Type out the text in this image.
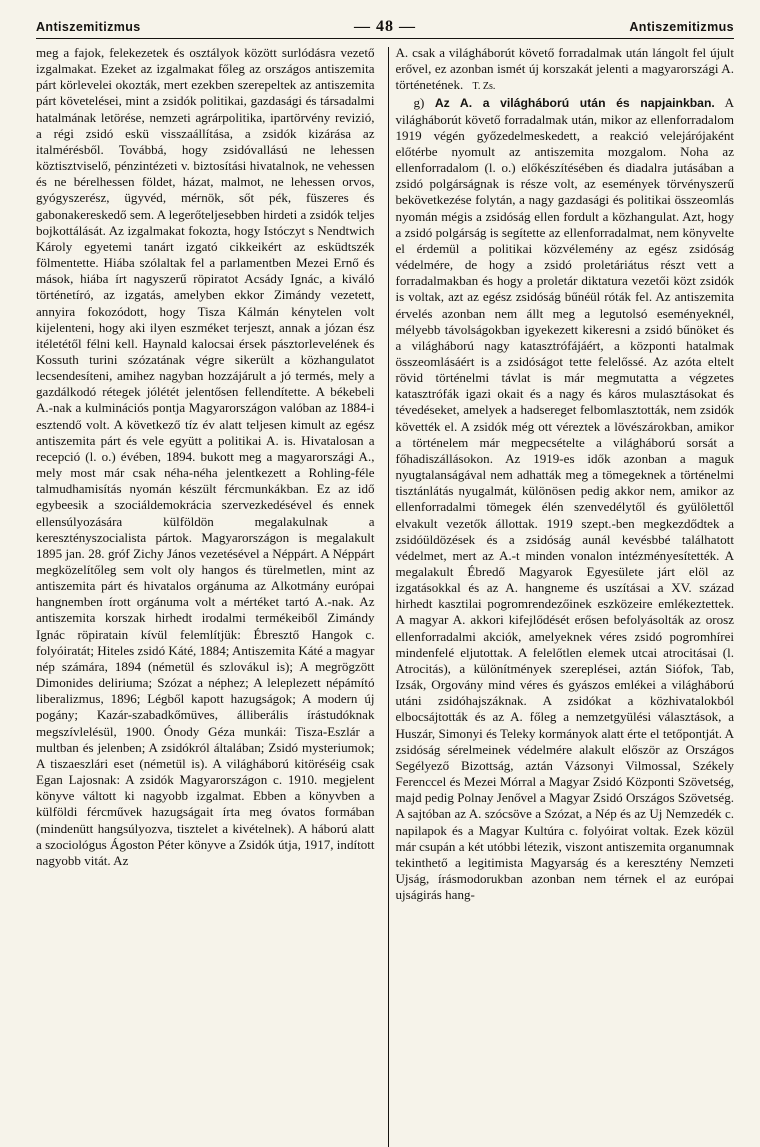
Antiszemitizmus	— 48 —	Antiszemitizmus

meg a fajok, felekezetek és osztályok között surlódásra vezető izgalmakat. Ezeket az izgalmakat főleg az országos antiszemita párt körlevelei okozták, mert ezekben szerepeltek az antiszemita párt követelései, mint a zsidók politikai, gazdasági és társadalmi hatalmának letörése, nemzeti agrárpolitika, ipartörvény revizió, a régi zsidó eskü visszaállítása, a zsidók kizárása az italmérésből. Továbbá, hogy zsidóvallású ne lehessen köztisztviselő, pénzintézeti v. biztosítási hivatalnok, ne vehessen és ne bérelhessen földet, házat, malmot, ne lehessen orvos, gyógyszerész, ügyvéd, mérnök, sőt pék, füszeres és gabonakereskedő sem. A legerőteljesebben hirdeti a zsidók teljes bojkottálását. Az izgalmakat fokozta, hogy Istóczyt s Nendtwich Károly egyetemi tanárt izgató cikkeikért az esküdtszék fölmentette. Hiába szólaltak fel a parlamentben Mezei Ernő és mások, hiába írt nagyszerű röpiratot Acsády Ignác, a kiváló történetíró, az izgatás, amelyben ekkor Zimándy vezetett, annyira fokozódott, hogy Tisza Kálmán kénytelen volt kijelenteni, hogy aki ilyen eszméket terjeszt, annak a józan ész itéletétől félni kell. Haynald kalocsai érsek pásztorlevelének és Kossuth turini szózatának végre sikerült a közhangulatot lecsendesíteni, amihez nagyban hozzájárult a jó termés, mely a gazdálkodó rétegek jólétét jelentősen fellendítette. A békebeli A.-nak a kulminációs pontja Magyarországon valóban az 1884-i esztendő volt. A következő tíz év alatt teljesen kimult az egész antiszemita párt és vele együtt a politikai A. is. Hivatalosan a recepció (l. o.) évében, 1894. bukott meg a magyarországi A., mely most már csak néha-néha jelentkezett a Rohling-féle talmudhamisítás nyomán készült fércmunkákban. Ez az idő egybeesik a szociáldemokrácia szervezkedésével és ennek ellensúlyozására külföldön megalakulnak a keresztényszocialista pártok. Magyarországon is megalakult 1895 jan. 28. gróf Zichy János vezetésével a Néppárt. A Néppárt megközelítőleg sem volt oly hangos és türelmetlen, mint az antiszemita párt és hivatalos orgánuma az Alkotmány európai hangnemben írott orgánuma volt a mértéket tartó A.-nak. Az antiszemita korszak hirhedt irodalmi termékeiből Zimándy Ignác röpiratain kívül felemlítjük: Ébresztő Hangok c. folyóiratát; Hiteles zsidó Káté, 1884; Antiszemita Káté a magyar nép számára, 1894 (németül és szlovákul is); A megrögzött Dimonides deliriuma; Szózat a néphez; A leleplezett népámító liberalizmus, 1896; Légből kapott hazugságok; A modern új pogány; Kazár-szabadkőmüves, álliberális írástudóknak megszívlelésül, 1900. Ónody Géza munkái: Tisza-Eszlár a multban és jelenben; A zsidókról általában; Zsidó mysteriumok; A tiszaeszlári eset (németül is). A világháború kitöréséig csak Egan Lajosnak: A zsidók Magyarországon c. 1910. megjelent könyve váltott ki nagyobb izgalmat. Ebben a könyvben a külföldi fércművek hazugságait írta meg óvatos formában (mindenütt hangsúlyozva, tisztelet a kivételnek). A háború alatt a szociológus Ágoston Péter könyve a Zsidók útja, 1917, indított nagyobb vitát. Az

A. csak a világháborút követő forradalmak után lángolt fel újult erővel, ez azonban ismét új korszakát jelenti a magyarországi A. történetének. T. Zs.

g) Az A. a világháború után és napjainkban. A világháborút követő forradalmak után, mikor az ellenforradalom 1919 végén győzedelmeskedett, a reakció velejárójaként előtérbe nyomult az antiszemita mozgalom. Noha az ellenforradalom (l. o.) előkészítésében és diadalra jutásában a zsidó polgárságnak is része volt, az események törvényszerű bekövetkezése folytán, a nagy gazdasági és politikai összeomlás nyomán mégis a zsidóság ellen fordult a közhangulat. Azt, hogy a zsidó polgárság is segítette az ellenforradalmat, nem könyvelte el érdemül a politikai közvélemény az egész zsidóság védelmére, de hogy a zsidó proletáriátus részt vett a forradalmakban és hogy a proletár diktatura vezetői közt zsidók is voltak, azt az egész zsidóság bűnéül róták fel. Az antiszemita érvelés azonban nem állt meg a legutolsó eseményeknél, mélyebb távolságokban igyekezett kikeresni a zsidó bűnöket és a világháború nagy katasztrófájáért, a központi hatalmak összeomlásáért is a zsidóságot tette felelőssé. Az azóta eltelt rövid történelmi távlat is már megmutatta a végzetes katasztrófák igazi okait és a nagy és káros mulasztásokat és tévedéseket, amelyek a hadsereget felbomlasztották, nem zsidók követték el. A zsidók még ott véreztek a lövészárokban, amikor a történelem már megpecsételte a világháború sorsát a főhadiszállásokon. Az 1919-es idők azonban a maguk nyugtalanságával nem adhatták meg a tömegeknek a történelmi tisztánlátás nyugalmát, különösen pedig akkor nem, amikor az ellenforradalmi tömegek élén szenvedélytől és gyülölettől elvakult vezetők állottak. 1919 szept.-ben megkezdődtek a zsidóüldözések és a zsidóság aunál kevésbbé találhatott védelmet, mert az A.-t minden vonalon intézményesítették. A megalakult Ébredő Magyarok Egyesülete járt elöl az izgatásokkal és az A. hangneme és uszításai a XV. század hirhedt kasztilai pogromrendezőinek eszközeire emlékeztettek. A magyar A. akkori kifejlődését erősen befolyásolták az orosz ellenforradalmi akciók, amelyeknek véres zsidó pogromhírei mindenfelé eljutottak. A felelőtlen elemek utcai atrocitásai (l. Atrocitás), a különítmények szereplései, aztán Siófok, Tab, Izsák, Orgovány mind véres és gyászos emlékei a világháború utáni zsidóhajszáknak. A zsidókat a közhivatalokból elbocsájtották és az A. főleg a nemzetgyülési választások, a Huszár, Simonyi és Teleky kormányok alatt érte el tetőpontját. A zsidóság sérelmeinek védelmére alakult először az Országos Segélyező Bizottság, aztán Vázsonyi Vilmossal, Székely Ferenccel és Mezei Mórral a Magyar Zsidó Központi Szövetség, majd pedig Polnay Jenővel a Magyar Zsidó Országos Szövetség. A sajtóban az A. szócsöve a Szózat, a Nép és az Uj Nemzedék c. napilapok és a Magyar Kultúra c. folyóirat voltak. Ezek közül már csupán a két utóbbi létezik, viszont antiszemita organumnak tekinthető a legitimista Magyarság és a keresztény Nemzeti Ujság, írásmodorukban azonban nem térnek el az európai ujságirás hang-
